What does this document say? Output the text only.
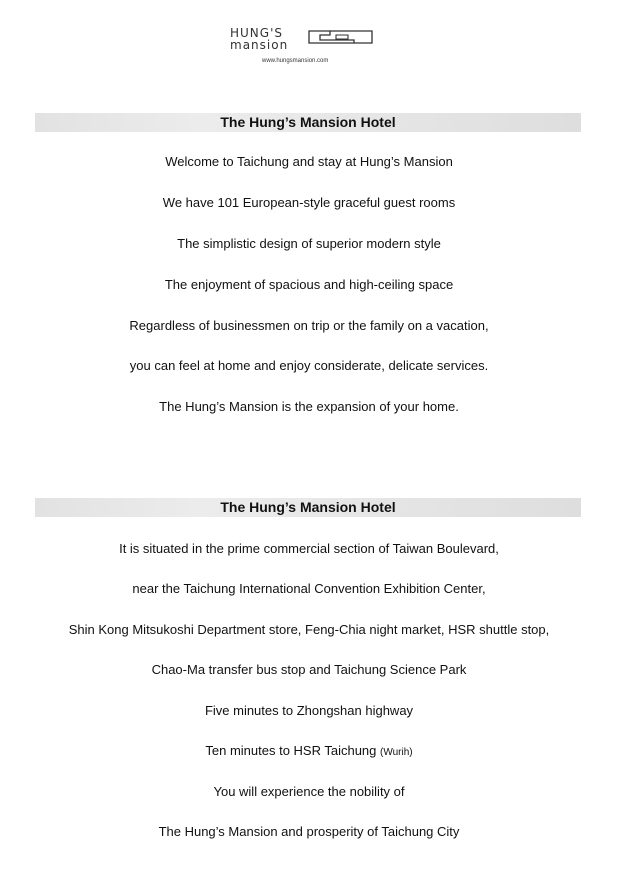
HUNG'S
mansion
www.hungsmansion.com
The Hung’s Mansion Hotel
Welcome to Taichung and stay at Hung’s Mansion
We have 101 European-style graceful guest rooms
The simplistic design of superior modern style
The enjoyment of spacious and high-ceiling space
Regardless of businessmen on trip or the family on a vacation,
you can feel at home and enjoy considerate, delicate services.
The Hung’s Mansion is the expansion of your home.
The Hung’s Mansion Hotel
It is situated in the prime commercial section of Taiwan Boulevard,
near the Taichung International Convention Exhibition Center,
Shin Kong Mitsukoshi Department store, Feng-Chia night market, HSR shuttle stop,
Chao-Ma transfer bus stop and Taichung Science Park
Five minutes to Zhongshan highway
Ten minutes to HSR Taichung (Wurih)
You will experience the nobility of
The Hung’s Mansion and prosperity of Taichung City
